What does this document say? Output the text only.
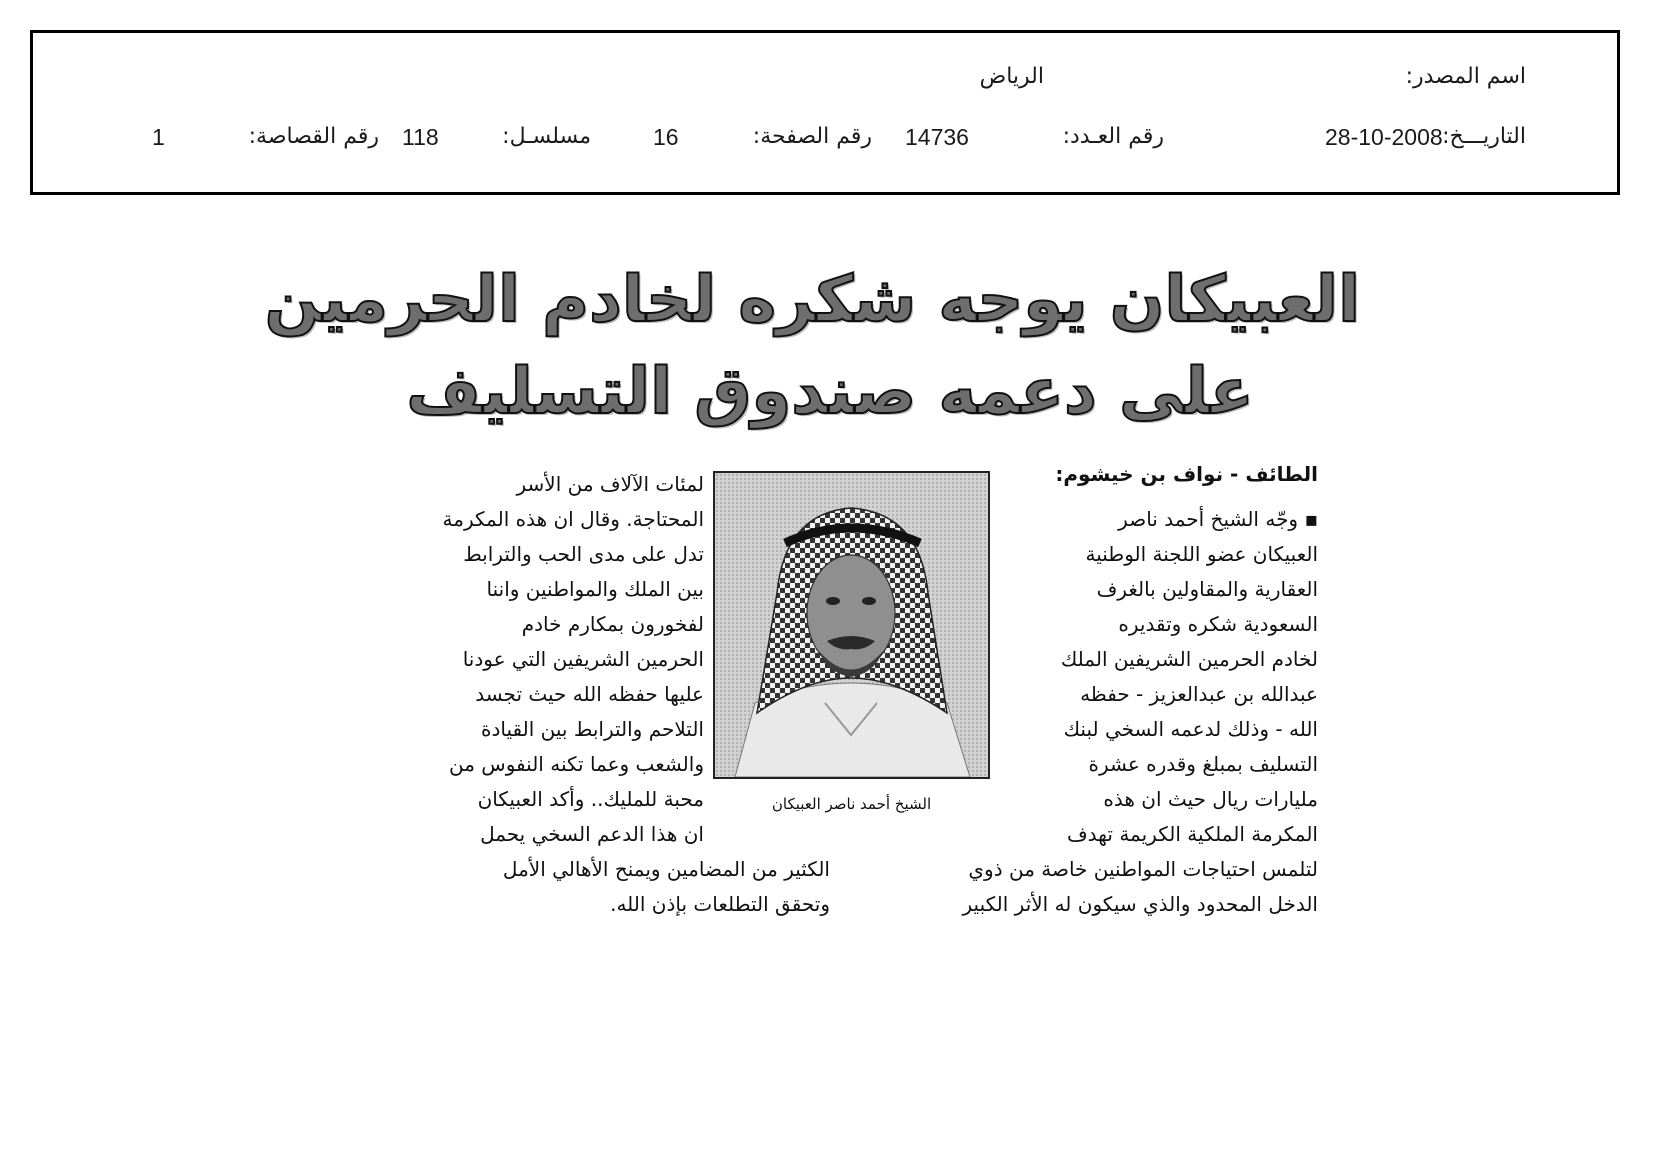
اسم المصدر:
الرياض
التاريـــخ:
28-10-2008
رقم العـدد:
14736
رقم الصفحة:
16
مسلسـل:
118
رقم القصاصة:
1
العبيكان يوجه شكره لخادم الحرمين
على دعمه صندوق التسليف
الطائف - نواف بن خيشوم:
▪ وجّه الشيخ أحمد ناصر
العبيكان عضو اللجنة الوطنية
العقارية والمقاولين بالغرف
السعودية شكره وتقديره
لخادم الحرمين الشريفين الملك
عبدالله بن عبدالعزيز - حفظه
الله - وذلك لدعمه السخي لبنك
التسليف بمبلغ وقدره عشرة
مليارات ريال حيث ان هذه
المكرمة الملكية الكريمة تهدف
الشيخ أحمد ناصر العبيكان
لمئات الآلاف من الأسر
المحتاجة. وقال ان هذه المكرمة
تدل على مدى الحب والترابط
بين الملك والمواطنين واننا
لفخورون بمكارم خادم
الحرمين الشريفين التي عودنا
عليها حفظه الله حيث تجسد
التلاحم والترابط بين القيادة
والشعب وعما تكنه النفوس من
محبة للمليك.. وأكد العبيكان
ان هذا الدعم السخي يحمل
لتلمس احتياجات المواطنين خاصة من ذوي
الدخل المحدود والذي سيكون له الأثر الكبير
الكثير من المضامين ويمنح الأهالي الأمل
وتحقق التطلعات بإذن الله.
